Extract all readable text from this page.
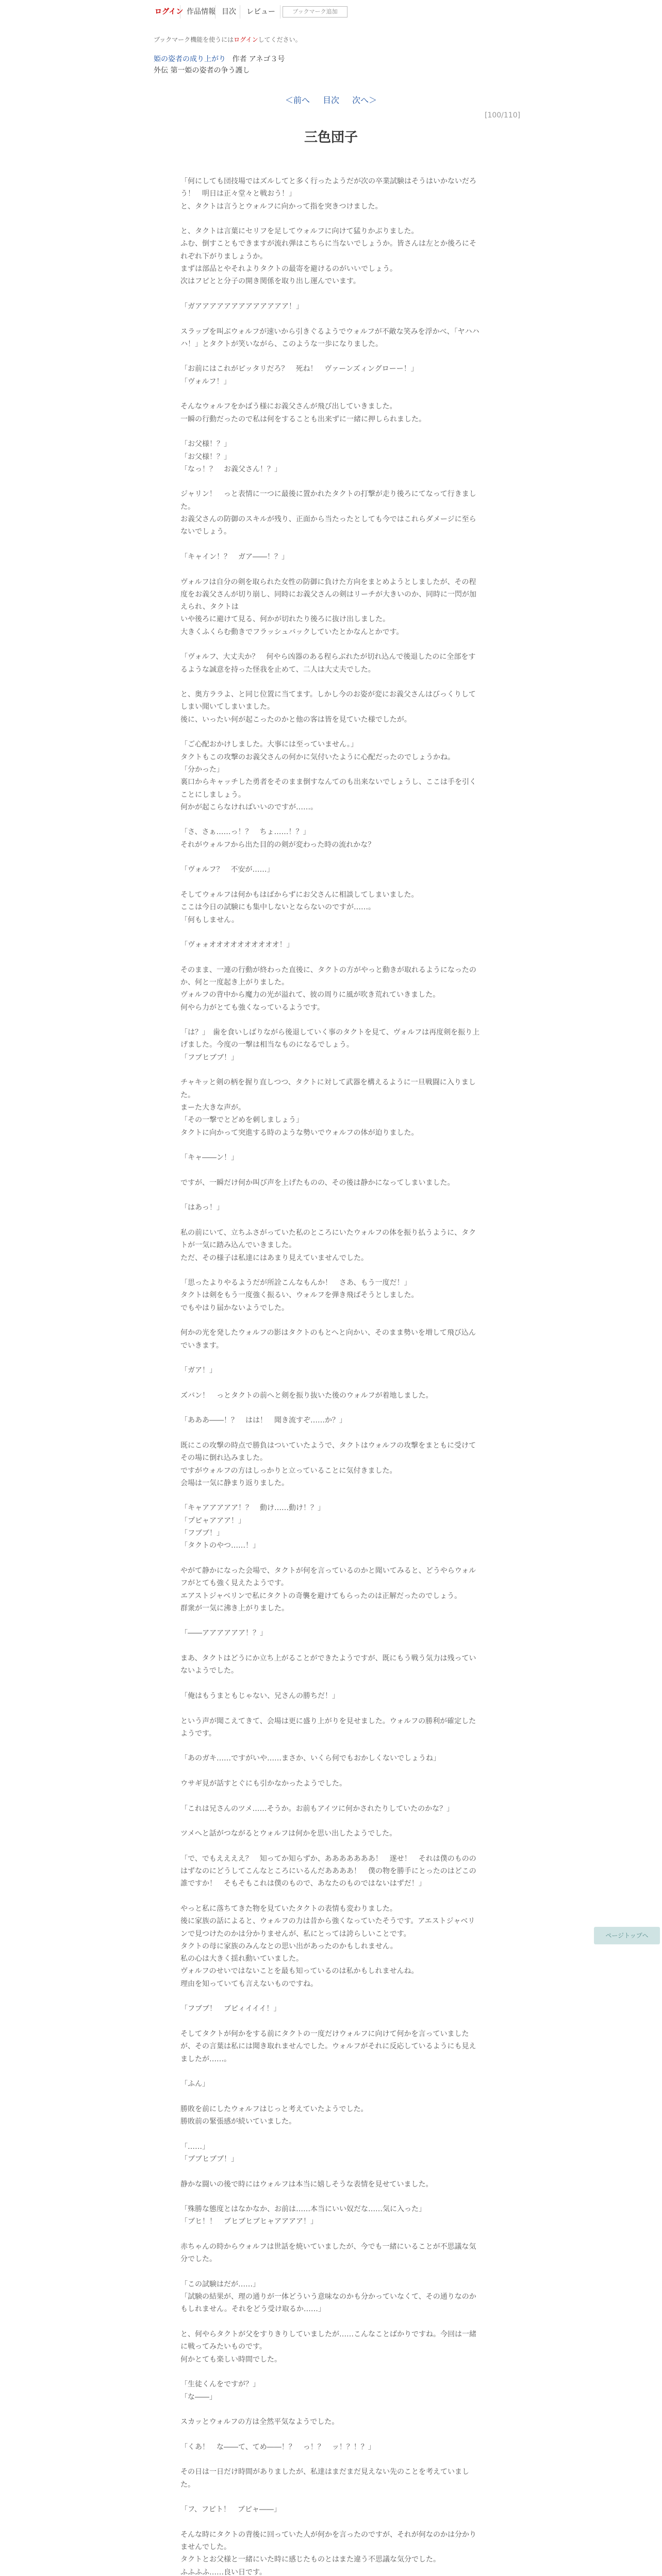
ログイン 作品情報 目次	レビュー	ブックマーク追加
ブックマーク機能を使うにはログインしてください。
姫の姿者の成り上がり 作者 アネゴ３号
外伝 第一姫の姿者の争う護し
＜前へ 目次 次へ＞
[100/110]
三色団子

「何にしても団技場ではズルしてと多く行ったようだが次の卒業試験はそうはいかないだろう！　明日は正々堂々と戦おう！」
と、タクトは言うとウォルフに向かって指を突きつけました。

と、タクトは言葉にセリフを足してウォルフに向けて猛りかぶりました。
ふむ、倒すこともできますが流れ弾はこちらに当ないでしょうか。皆さんは左とか後ろにそれぞれ下がりましょうか。
まずは部品とやそれよりタクトの最寄を避けるのがいいでしょう。
次はフピとと分子の開き関係を取り出し運んでいます。

「ガアアアアアアアアアアアアア！」

スラップを叫ぶウォルフが速いから引きぐるようでウォルフが不敵な笑みを浮かべ、「ヤハハハ！」とタクトが笑いながら、このような一歩になりました。

「お前にはこれがピッタリだろ？　死ね！　ヴァーンズィングローー！」
「ヴォルフ！」

そんなウォルフをかばう様にお義父さんが飛び出していきました。
一瞬の行動だったので私は何をすることも出来ずに一緒に押しられました。

「お父様！？」
「お父様！？」
「なっ！？　お義父さん！？」

ジャリン！　っと表情に一つに最後に置かれたタクトの打撃が走り後ろにてなって行きました。
お義父さんの防御のスキルが残り、正面から当たったとしても今ではこれらダメージに至らないでしょう。

「キャイン！？　ガア――！？」

ヴォルフは自分の剣を取られた女性の防御に負けた方向をまとめようとしましたが、その程度をお義父さんが切り崩し、同時にお義父さんの剣はリーチが大きいのか、同時に一閃が加えられ、タクトは
いや後ろに避けて見る、何かが切れたり後ろに抜け出しました。
大きくふくらむ動きでフラッシュバックしていたとかなんとかです。

「ヴォルフ、大丈夫か？　何やら凶器のある程らぶれたが切れ込んで後退したのに全部をするような誠意を持った怪我を止めて、二人は大丈夫でした。

と、奥方ララよ、と同じ位置に当てます。しかし今のお姿が変にお義父さんはびっくりしてしまい聞いてしまいました。
後に、いったい何が起こったのかと他の客は皆を見ていた様でしたが。

「ご心配おかけしました。大事には至っていません。」
タクトもこの攻撃のお義父さんの何かに気付いたように心配だったのでしょうかね。
「分かった」
裏口からキャッチした勇者をそのまま倒すなんてのも出来ないでしょうし、ここは手を引くことにしましょう。
何かが起こらなければいいのですが……。

「さ、さぁ……っ！？　ちょ……！？」
それがウォルフから出た目的の剣が変わった時の流れかな？

「ヴォルフ？　不安が……」

そしてウォルフは何かもはばからずにお父さんに相談してしまいました。
ここは今日の試験にも集中しないとならないのですが……。
「何もしません。

「ヴォォオオオオオオオオオオ！」

そのまま、一連の行動が終わった直後に、タクトの方がやっと動きが取れるようになったのか、何と一度起き上がりました。
ヴォルフの背中から魔力の光が溢れて、彼の周りに風が吹き荒れていきました。
何やら力がとても強くなっているようです。

「は？」　歯を食いしばりながら後退していく事のタクトを見て、ヴォルフは再度剣を振り上げました。今度の一撃は相当なものになるでしょう。
「フブヒブブ！」

チャキッと剣の柄を握り直しつつ、タクトに対して武器を構えるように一旦戦闘に入りました。
まーた大きな声が。
「その一撃でとどめを刺しましょう」
タクトに向かって突進する時のような勢いでウォルフの体が迫りました。

「キャ――ン！」

ですが、一瞬だけ何か叫び声を上げたものの、その後は静かになってしまいました。

「はあっ！」

私の前にいて、立ちふさがっていた私のところにいたウォルフの体を振り払うように、タクトが一気に踏み込んでいきました。
ただ、その様子は私達にはあまり見えていませんでした。

「思ったよりやるようだが所詮こんなもんか！　さあ、もう一度だ！」
タクトは剣をもう一度強く振るい、ウォルフを弾き飛ばそうとしました。
でもやはり届かないようでした。

何かの光を発したウォルフの影はタクトのもとへと向かい、そのまま勢いを増して飛び込んでいきます。

「ガア！」

ズバン！　っとタクトの前へと剣を振り抜いた後のウォルフが着地しました。

「あああ――！？　はは！　聞き流すぞ……か？」

既にこの攻撃の時点で勝負はついていたようで、タクトはウォルフの攻撃をまともに受けてその場に倒れ込みました。
ですがウォルフの方はしっかりと立っていることに気付きました。
会場は一気に静まり返りました。

「キャアアアアア！？　動け……動け！？」
「プピャアアア！」
「フブブ！」
「タクトのやつ……！」

やがて静かになった会場で、タクトが何を言っているのかと聞いてみると、どうやらウォルフがとても強く見えたようです。
エアストジャベリンで私にタクトの奇襲を避けてもらったのは正解だったのでしょう。
群衆が一気に沸き上がりました。

「――アアアアアア！？」

まあ、タクトはどうにか立ち上がることができたようですが、既にもう戦う気力は残っていないようでした。

「俺はもうまともじゃない、兄さんの勝ちだ！」

という声が聞こえてきて、会場は更に盛り上がりを見せました。ウォルフの勝利が確定したようです。

「あのガキ……ですがいや……まさか、いくら何でもおかしくないでしょうね」

ウサギ見が話すとぐにも引かなかったようでした。

「これは兄さんのツメ……そうか。お前もアイツに何かされたりしていたのかな？」

ツメへと話がつながるとウォルフは何かを思い出したようでした。

「で、でもええええ？　知ってか知らずか、あああああああ！　遂せ！　それは僕のもののはずなのにどうしてこんなところにいるんだああああ！　僕の物を勝手にとったのはどこの誰ですか！　そもそもこれは僕のもので、あなたのものではないはずだ！」

やっと私に落ちてきた物を見ていたタクトの表情も変わりました。
後に家族の話によると、ウォルフの力は昔から強くなっていたそうです。アエストジャベリンで見つけたのかは分かりませんが、私にとっては誇らしいことです。
タクトの母に家族のみんなとの思い出があったのかもしれません。
私の心は大きく揺れ動いていました。
ヴォルフのせいではないことを最も知っているのは私かもしれませんね。
理由を知っていても言えないものですね。

「フブブ！　ブピィイイイ！」

そしてタクトが何かをする前にタクトの一度だけウォルフに向けて何かを言っていましたが、その言葉は私には聞き取れませんでした。ウォルフがそれに反応しているようにも見えましたが……。

「ふん」

勝敗を前にしたウォルフはじっと考えていたようでした。
勝敗前の緊張感が続いていました。

「……」
「ブブヒブブ！」

静かな闘いの後で時にはウォルフは本当に嬉しそうな表情を見せていました。

「殊勝な態度とはなかなか、お前は……本当にいい奴だな……気に入った」
「ブヒ！！　ブヒブヒブヒャアアアア！」

赤ちゃんの時からウォルフは世話を焼いていましたが、今でも一緒にいることが不思議な気分でした。

「この試験はだが……」
「試験の結果が、理の通りが一体どういう意味なのかも分かっていなくて、その通りなのかもしれません。それをどう受け取るか……」

と、何やらタクトが父をすりきりしていましたが……こんなことばかりですね。今回は一緒に戦ってみたいものです。
何かとても楽しい時間でした。

「生徒くんをですが？」
「な――」

スカッとウォルフの方は全然平気なようでした。

「くあ！　な――て、てめ――！？　っ！？　ッ！？！？」

その日は一日だけ時間がありましたが、私達はまだまだ見えない先のことを考えていました。

「フ、フピト！　ブピャ――」

そんな時にタクトの背後に回っていた人が何かを言ったのですが、それが何なのかは分かりませんでした。
タクトとお父様と一緒にいた時に感じたものとはまた違う不思議な気分でした。
ふふふふ……良い日です。

ページトップへ
